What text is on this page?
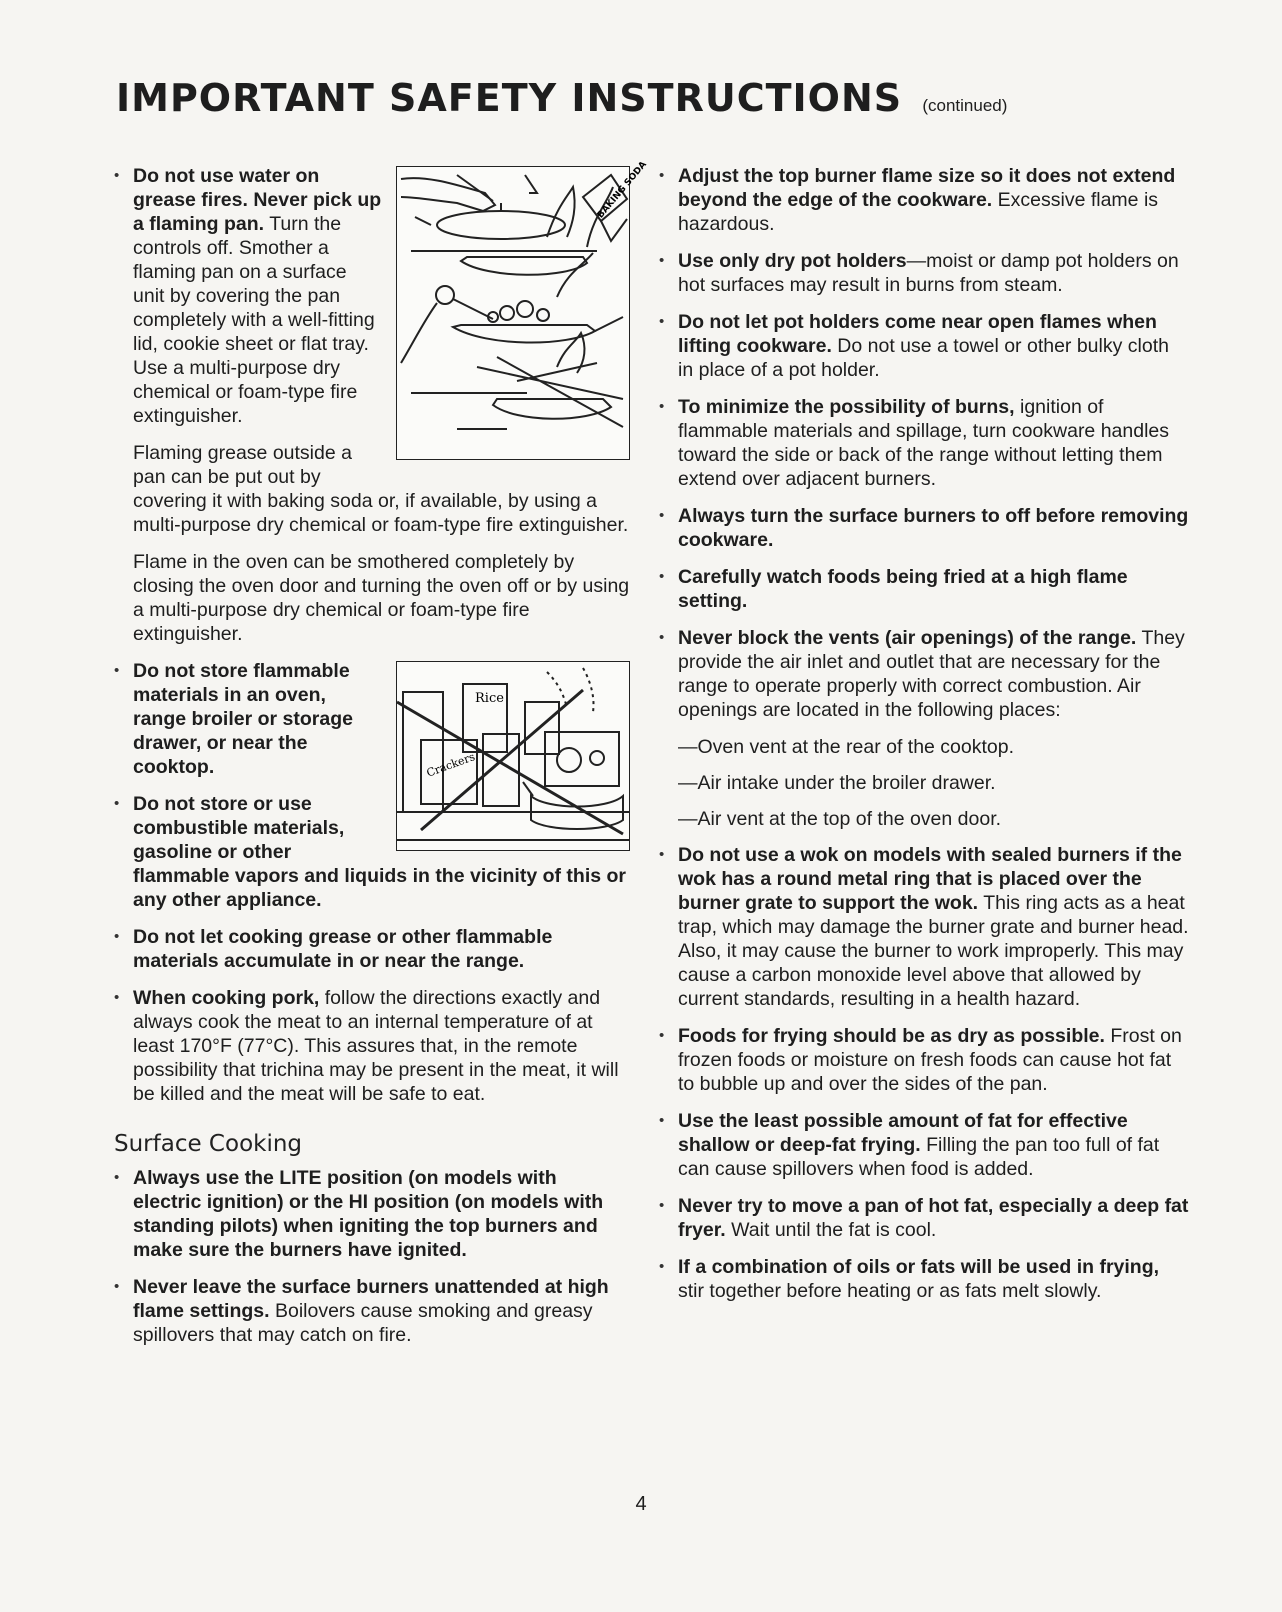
IMPORTANT SAFETY INSTRUCTIONS (continued)
BAKING SODA
• Do not use water on grease fires. Never pick up a flaming pan. Turn the controls off. Smother a flaming pan on a surface unit by covering the pan completely with a well-fitting lid, cookie sheet or flat tray. Use a multi-purpose dry chemical or foam-type fire extinguisher.
Flaming grease outside a pan can be put out by covering it with baking soda or, if available, by using a multi-purpose dry chemical or foam-type fire extinguisher.
Flame in the oven can be smothered completely by closing the oven door and turning the oven off or by using a multi-purpose dry chemical or foam-type fire extinguisher.
Rice
Crackers
• Do not store flammable materials in an oven, range broiler or storage drawer, or near the cooktop.
• Do not store or use combustible materials, gasoline or other flammable vapors and liquids in the vicinity of this or any other appliance.
• Do not let cooking grease or other flammable materials accumulate in or near the range.
• When cooking pork, follow the directions exactly and always cook the meat to an internal temperature of at least 170°F (77°C). This assures that, in the remote possibility that trichina may be present in the meat, it will be killed and the meat will be safe to eat.
Surface Cooking
• Always use the LITE position (on models with electric ignition) or the HI position (on models with standing pilots) when igniting the top burners and make sure the burners have ignited.
• Never leave the surface burners unattended at high flame settings. Boilovers cause smoking and greasy spillovers that may catch on fire.
• Adjust the top burner flame size so it does not extend beyond the edge of the cookware. Excessive flame is hazardous.
• Use only dry pot holders—moist or damp pot holders on hot surfaces may result in burns from steam.
• Do not let pot holders come near open flames when lifting cookware. Do not use a towel or other bulky cloth in place of a pot holder.
• To minimize the possibility of burns, ignition of flammable materials and spillage, turn cookware handles toward the side or back of the range without letting them extend over adjacent burners.
• Always turn the surface burners to off before removing cookware.
• Carefully watch foods being fried at a high flame setting.
• Never block the vents (air openings) of the range. They provide the air inlet and outlet that are necessary for the range to operate properly with correct combustion. Air openings are located in the following places:
—Oven vent at the rear of the cooktop.
—Air intake under the broiler drawer.
—Air vent at the top of the oven door.
• Do not use a wok on models with sealed burners if the wok has a round metal ring that is placed over the burner grate to support the wok. This ring acts as a heat trap, which may damage the burner grate and burner head. Also, it may cause the burner to work improperly. This may cause a carbon monoxide level above that allowed by current standards, resulting in a health hazard.
• Foods for frying should be as dry as possible. Frost on frozen foods or moisture on fresh foods can cause hot fat to bubble up and over the sides of the pan.
• Use the least possible amount of fat for effective shallow or deep-fat frying. Filling the pan too full of fat can cause spillovers when food is added.
• Never try to move a pan of hot fat, especially a deep fat fryer. Wait until the fat is cool.
• If a combination of oils or fats will be used in frying, stir together before heating or as fats melt slowly.
4
